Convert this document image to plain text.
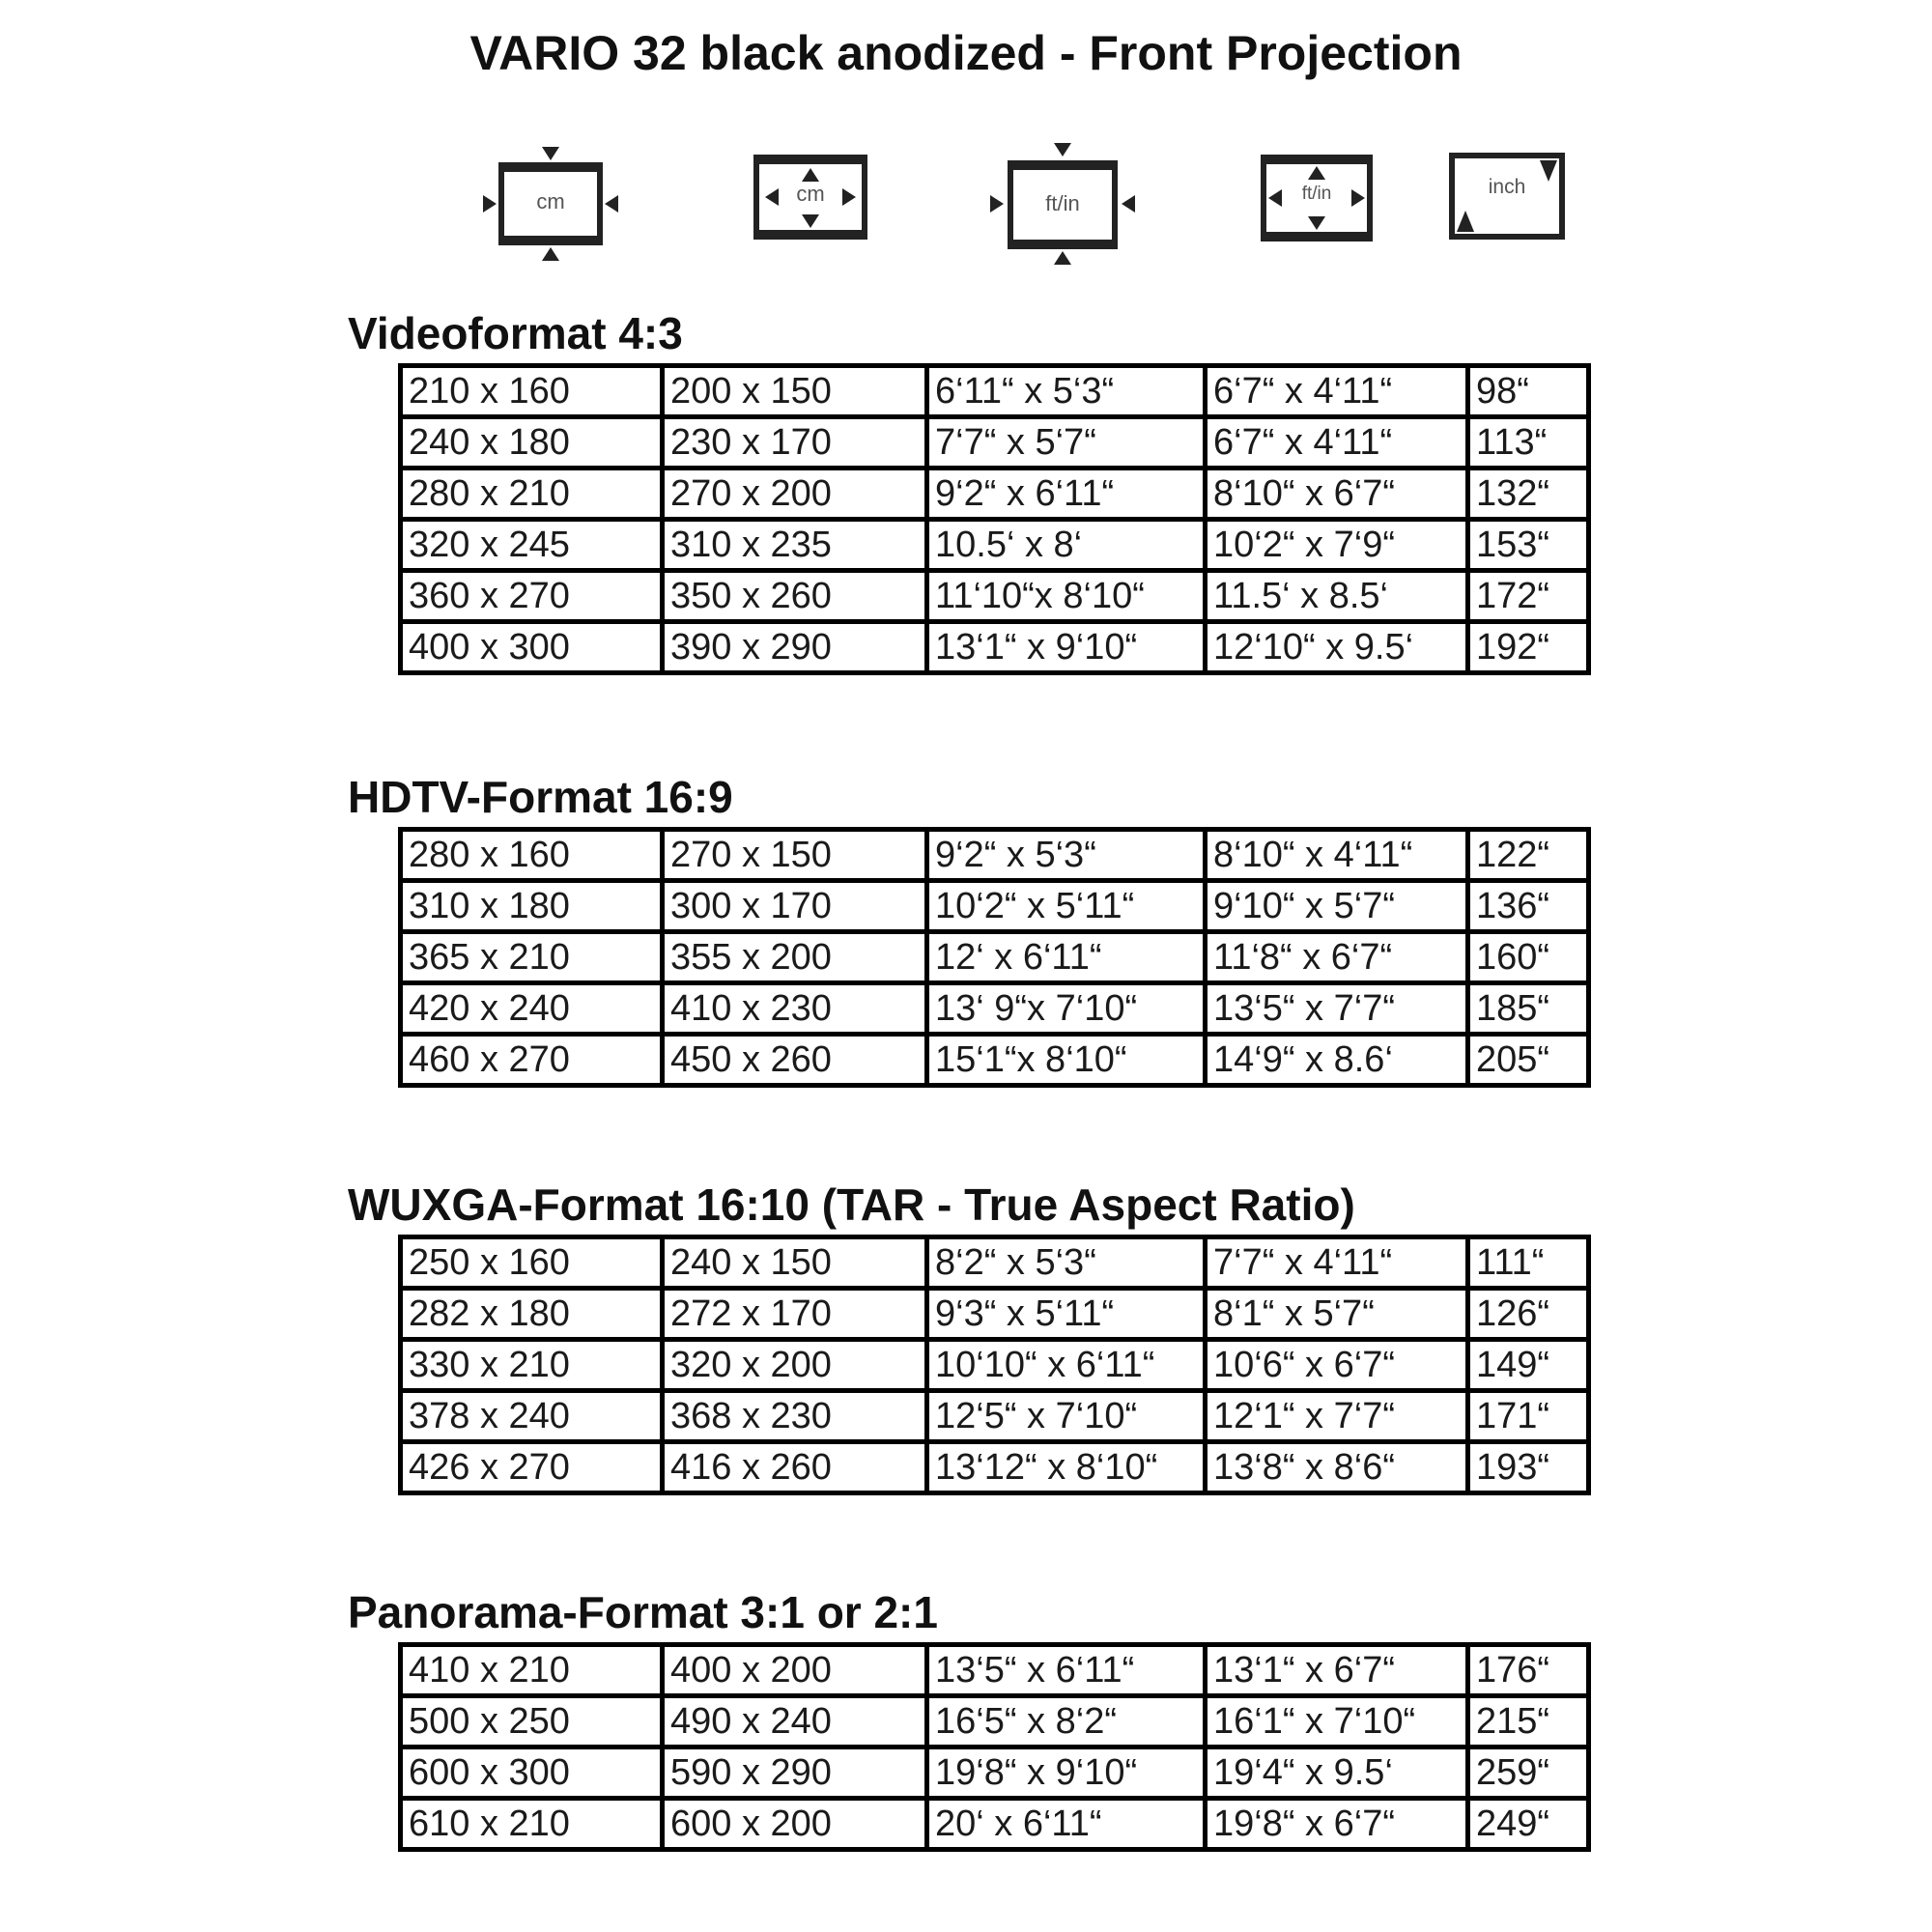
VARIO 32 black anodized - Front Projection
cm	cm	ft/in	ft/in	inch
Videoformat 4:3
210 x 160	200 x 150	6‘11“ x 5‘3“	6‘7“ x 4‘11“	98“
240 x 180	230 x 170	7‘7“ x 5‘7“	6‘7“ x 4‘11“	113“
280 x 210	270 x 200	9‘2“ x 6‘11“	8‘10“ x 6‘7“	132“
320 x 245	310 x 235	10.5‘ x 8‘	10‘2“ x 7‘9“	153“
360 x 270	350 x 260	11‘10“x 8‘10“	11.5‘ x 8.5‘	172“
400 x 300	390 x 290	13‘1“ x 9‘10“	12‘10“ x 9.5‘	192“
HDTV-Format 16:9
280 x 160	270 x 150	9‘2“ x 5‘3“	8‘10“ x 4‘11“	122“
310 x 180	300 x 170	10‘2“ x 5‘11“	9‘10“ x 5‘7“	136“
365 x 210	355 x 200	12‘ x 6‘11“	11‘8“ x 6‘7“	160“
420 x 240	410 x 230	13‘ 9“x 7‘10“	13‘5“ x 7‘7“	185“
460 x 270	450 x 260	15‘1“x 8‘10“	14‘9“ x 8.6‘	205“
WUXGA-Format 16:10 (TAR - True Aspect Ratio)
250 x 160	240 x 150	8‘2“ x 5‘3“	7‘7“ x 4‘11“	111“
282 x 180	272 x 170	9‘3“ x 5‘11“	8‘1“ x 5‘7“	126“
330 x 210	320 x 200	10‘10“ x 6‘11“	10‘6“ x 6‘7“	149“
378 x 240	368 x 230	12‘5“ x 7‘10“	12‘1“ x 7‘7“	171“
426 x 270	416 x 260	13‘12“ x 8‘10“	13‘8“ x 8‘6“	193“
Panorama-Format 3:1 or 2:1
410 x 210	400 x 200	13‘5“ x 6‘11“	13‘1“ x 6‘7“	176“
500 x 250	490 x 240	16‘5“ x 8‘2“	16‘1“ x 7‘10“	215“
600 x 300	590 x 290	19‘8“ x 9‘10“	19‘4“ x 9.5‘	259“
610 x 210	600 x 200	20‘ x 6‘11“	19‘8“ x 6‘7“	249“
